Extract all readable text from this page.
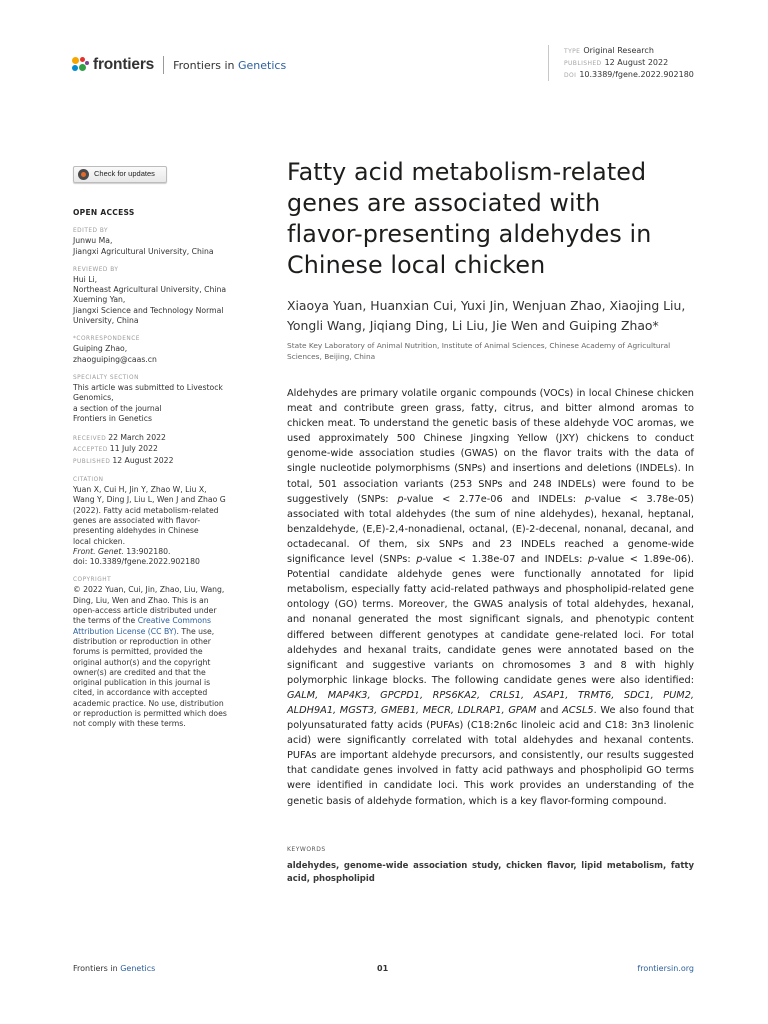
frontiers Frontiers in Genetics
TYPE Original Research
PUBLISHED 12 August 2022
DOI 10.3389/fgene.2022.902180
Check for updates
OPEN ACCESS
EDITED BY
Junwu Ma,
Jiangxi Agricultural University, China
REVIEWED BY
Hui Li,
Northeast Agricultural University, China
Xueming Yan,
Jiangxi Science and Technology Normal
University, China
*CORRESPONDENCE
Guiping Zhao,
zhaoguiping@caas.cn
SPECIALTY SECTION
This article was submitted to Livestock
Genomics,
a section of the journal
Frontiers in Genetics
RECEIVED 22 March 2022
ACCEPTED 11 July 2022
PUBLISHED 12 August 2022
CITATION
Yuan X, Cui H, Jin Y, Zhao W, Liu X,
Wang Y, Ding J, Liu L, Wen J and Zhao G
(2022). Fatty acid metabolism-related
genes are associated with flavor-
presenting aldehydes in Chinese
local chicken.
Front. Genet. 13:902180.
doi: 10.3389/fgene.2022.902180
COPYRIGHT
© 2022 Yuan, Cui, Jin, Zhao, Liu, Wang,
Ding, Liu, Wen and Zhao. This is an
open-access article distributed under
the terms of the Creative Commons
Attribution License (CC BY). The use,
distribution or reproduction in other
forums is permitted, provided the
original author(s) and the copyright
owner(s) are credited and that the
original publication in this journal is
cited, in accordance with accepted
academic practice. No use, distribution
or reproduction is permitted which does
not comply with these terms.
Fatty acid metabolism-related
genes are associated with
flavor-presenting aldehydes in
Chinese local chicken
Xiaoya Yuan, Huanxian Cui, Yuxi Jin, Wenjuan Zhao, Xiaojing Liu,
Yongli Wang, Jiqiang Ding, Li Liu, Jie Wen and Guiping Zhao*
State Key Laboratory of Animal Nutrition, Institute of Animal Sciences, Chinese Academy of Agricultural
Sciences, Beijing, China
Aldehydes are primary volatile organic compounds (VOCs) in local Chinese chicken meat and contribute green grass, fatty, citrus, and bitter almond aromas to chicken meat. To understand the genetic basis of these aldehyde VOC aromas, we used approximately 500 Chinese Jingxing Yellow (JXY) chickens to conduct genome-wide association studies (GWAS) on the flavor traits with the data of single nucleotide polymorphisms (SNPs) and insertions and deletions (INDELs). In total, 501 association variants (253 SNPs and 248 INDELs) were found to be suggestively (SNPs: p-value < 2.77e-06 and INDELs: p-value < 3.78e-05) associated with total aldehydes (the sum of nine aldehydes), hexanal, heptanal, benzaldehyde, (E,E)-2,4-nonadienal, octanal, (E)-2-decenal, nonanal, decanal, and octadecanal. Of them, six SNPs and 23 INDELs reached a genome-wide significance level (SNPs: p-value < 1.38e-07 and INDELs: p-value < 1.89e-06). Potential candidate aldehyde genes were functionally annotated for lipid metabolism, especially fatty acid-related pathways and phospholipid-related gene ontology (GO) terms. Moreover, the GWAS analysis of total aldehydes, hexanal, and nonanal generated the most significant signals, and phenotypic content differed between different genotypes at candidate gene-related loci. For total aldehydes and hexanal traits, candidate genes were annotated based on the significant and suggestive variants on chromosomes 3 and 8 with highly polymorphic linkage blocks. The following candidate genes were also identified: GALM, MAP4K3, GPCPD1, RPS6KA2, CRLS1, ASAP1, TRMT6, SDC1, PUM2, ALDH9A1, MGST3, GMEB1, MECR, LDLRAP1, GPAM and ACSL5. We also found that polyunsaturated fatty acids (PUFAs) (C18:2n6c linoleic acid and C18: 3n3 linolenic acid) were significantly correlated with total aldehydes and hexanal contents. PUFAs are important aldehyde precursors, and consistently, our results suggested that candidate genes involved in fatty acid pathways and phospholipid GO terms were identified in candidate loci. This work provides an understanding of the genetic basis of aldehyde formation, which is a key flavor-forming compound.
KEYWORDS
aldehydes, genome-wide association study, chicken flavor, lipid metabolism, fatty acid, phospholipid
Frontiers in Genetics	01	frontiersin.org
